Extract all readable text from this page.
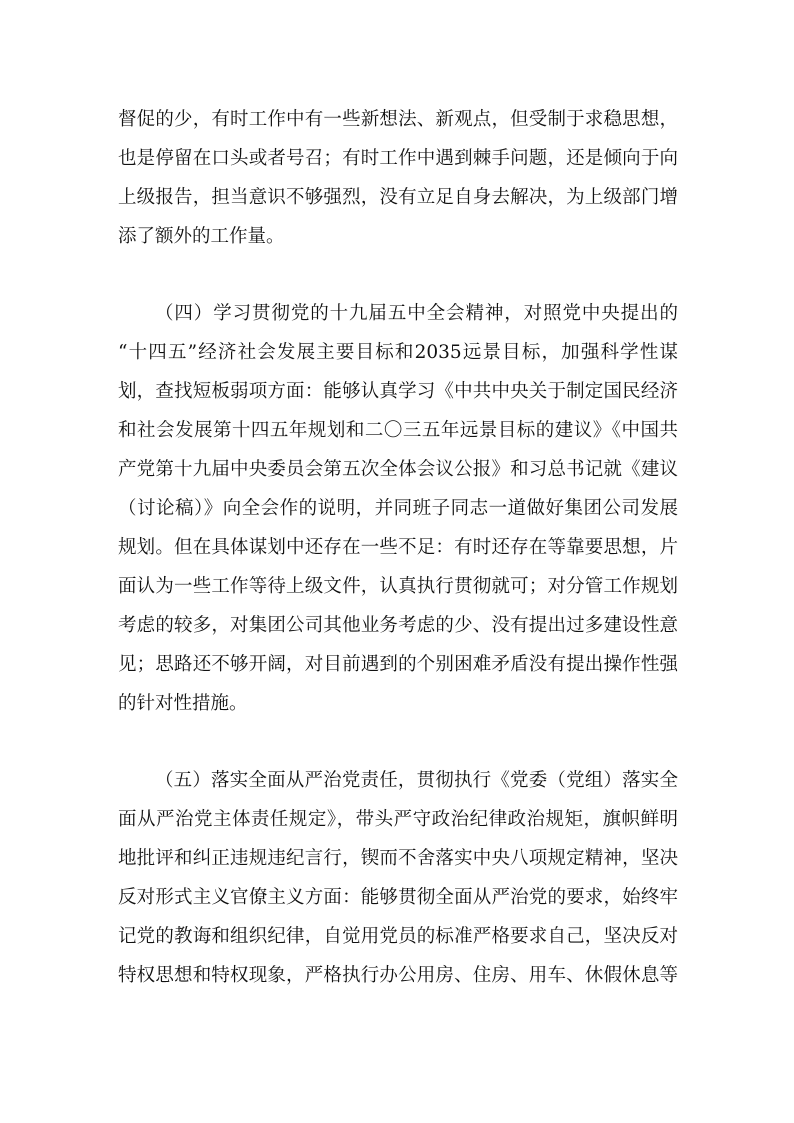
督促的少，有时工作中有一些新想法、新观点，但受制于求稳思想，
也是停留在口头或者号召；有时工作中遇到棘手问题，还是倾向于向
上级报告，担当意识不够强烈，没有立足自身去解决，为上级部门增
添了额外的工作量。
（四）学习贯彻党的十九届五中全会精神，对照党中央提出的
“十四五”经济社会发展主要目标和2035远景目标，加强科学性谋
划，查找短板弱项方面：能够认真学习《中共中央关于制定国民经济
和社会发展第十四五年规划和二〇三五年远景目标的建议》《中国共
产党第十九届中央委员会第五次全体会议公报》和习总书记就《建议
（讨论稿）》向全会作的说明，并同班子同志一道做好集团公司发展
规划。但在具体谋划中还存在一些不足：有时还存在等靠要思想，片
面认为一些工作等待上级文件，认真执行贯彻就可；对分管工作规划
考虑的较多，对集团公司其他业务考虑的少、没有提出过多建设性意
见；思路还不够开阔，对目前遇到的个别困难矛盾没有提出操作性强
的针对性措施。
（五）落实全面从严治党责任，贯彻执行《党委（党组）落实全
面从严治党主体责任规定》，带头严守政治纪律政治规矩，旗帜鲜明
地批评和纠正违规违纪言行，锲而不舍落实中央八项规定精神，坚决
反对形式主义官僚主义方面：能够贯彻全面从严治党的要求，始终牢
记党的教诲和组织纪律，自觉用党员的标准严格要求自己，坚决反对
特权思想和特权现象，严格执行办公用房、住房、用车、休假休息等
